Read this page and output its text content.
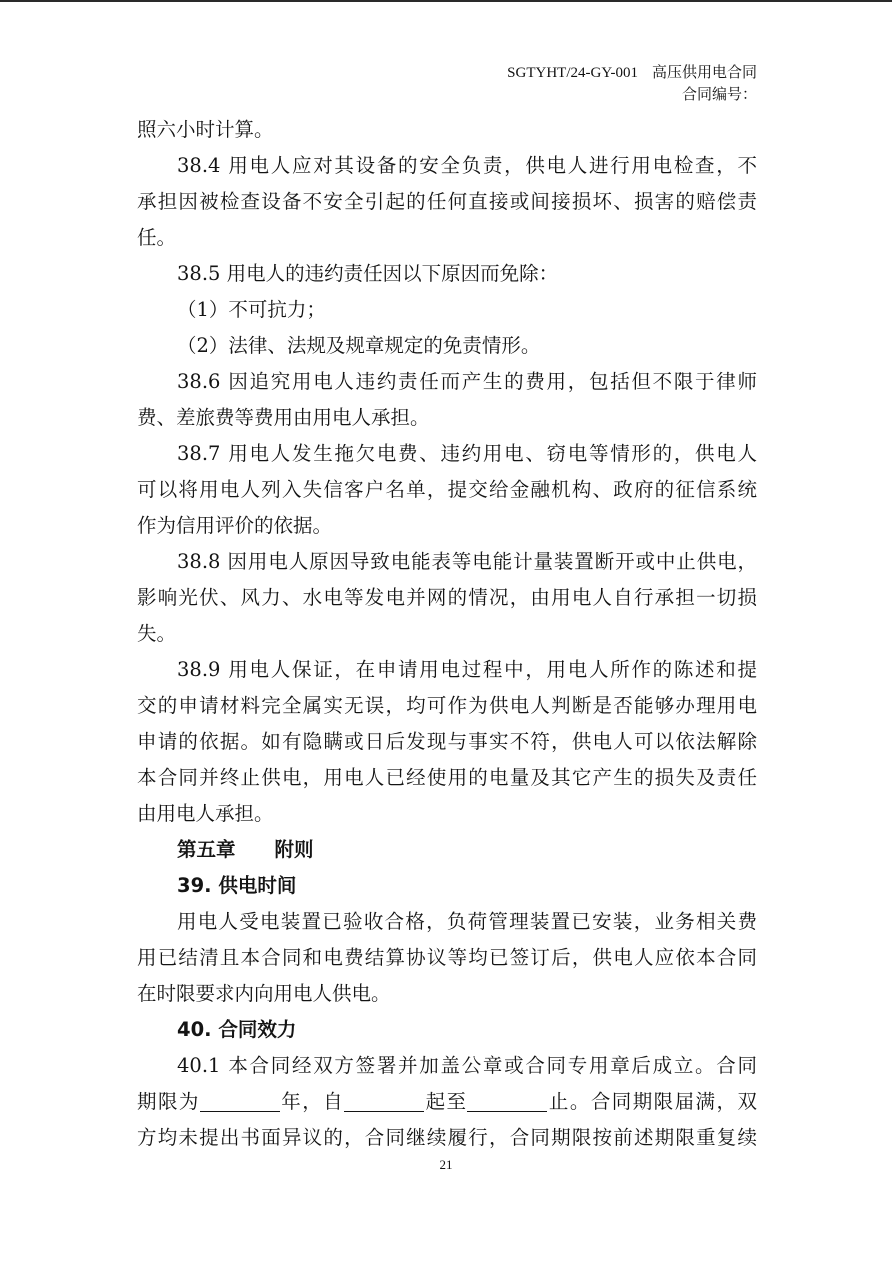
SGTYHT/24-GY-001 高压供用电合同
合同编号：
照六小时计算。
38.4 用电人应对其设备的安全负责，供电人进行用电检查，不
承担因被检查设备不安全引起的任何直接或间接损坏、损害的赔偿责
任。
38.5 用电人的违约责任因以下原因而免除：
（1）不可抗力；
（2）法律、法规及规章规定的免责情形。
38.6 因追究用电人违约责任而产生的费用，包括但不限于律师
费、差旅费等费用由用电人承担。
38.7 用电人发生拖欠电费、违约用电、窃电等情形的，供电人
可以将用电人列入失信客户名单，提交给金融机构、政府的征信系统
作为信用评价的依据。
38.8 因用电人原因导致电能表等电能计量装置断开或中止供电，
影响光伏、风力、水电等发电并网的情况，由用电人自行承担一切损
失。
38.9 用电人保证，在申请用电过程中，用电人所作的陈述和提
交的申请材料完全属实无误，均可作为供电人判断是否能够办理用电
申请的依据。如有隐瞒或日后发现与事实不符，供电人可以依法解除
本合同并终止供电，用电人已经使用的电量及其它产生的损失及责任
由用电人承担。
第五章　　附则
39. 供电时间
用电人受电装置已验收合格，负荷管理装置已安装，业务相关费
用已结清且本合同和电费结算协议等均已签订后，供电人应依本合同
在时限要求内向用电人供电。
40. 合同效力
40.1 本合同经双方签署并加盖公章或合同专用章后成立。合同
期限为	年，自	起至	止。合同期限届满，双
方均未提出书面异议的，合同继续履行，合同期限按前述期限重复续
21
